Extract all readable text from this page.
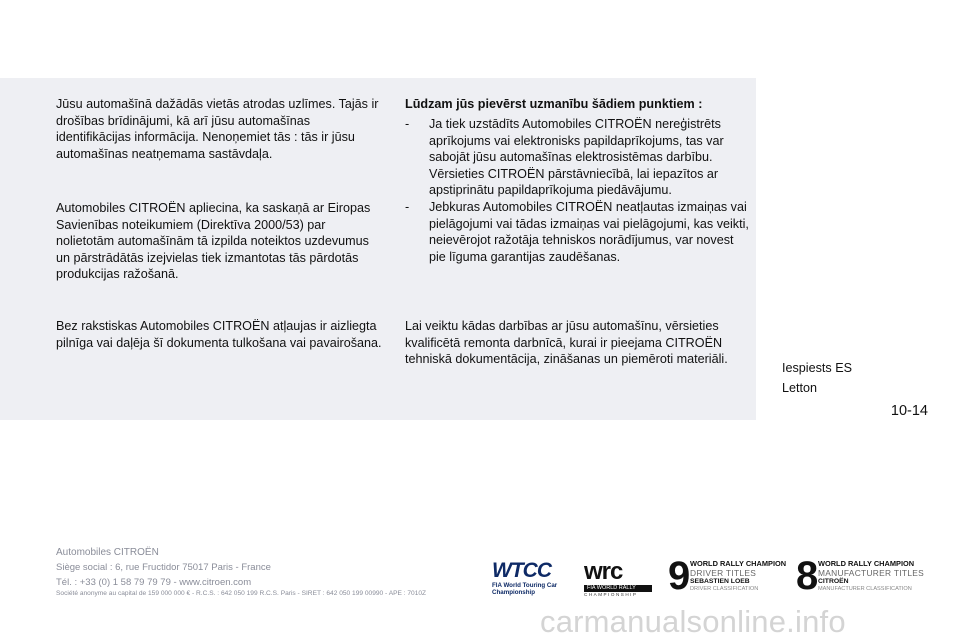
Jūsu automašīnā dažādās vietās atrodas uzlīmes. Tajās ir drošības brīdinājumi, kā arī jūsu automašīnas identifikācijas informācija. Nenoņemiet tās : tās ir jūsu automašīnas neatņemama sastāvdaļa.

Automobiles CITROËN apliecina, ka saskaņā ar Eiropas Savienības noteikumiem (Direktīva 2000/53) par nolietotām automašīnām tā izpilda noteiktos uzdevumus un pārstrādātās izejvielas tiek izmantotas tās pārdotās produkcijas ražošanā.

Bez rakstiskas Automobiles CITROËN atļaujas ir aizliegta pilnīga vai daļēja šī dokumenta tulkošana vai pavairošana.

Lūdzam jūs pievērst uzmanību šādiem punktiem :
-	Ja tiek uzstādīts Automobiles CITROËN nereģistrēts aprīkojums vai elektronisks papildaprīkojums, tas var sabojāt jūsu automašīnas elektrosistēmas darbību. Vērsieties CITROËN pārstāvniecībā, lai iepazītos ar apstiprinātu papildaprīkojuma piedāvājumu.
-	Jebkuras Automobiles CITROËN neatļautas izmaiņas vai pielāgojumi vai tādas izmaiņas vai pielāgojumi, kas veikti, neievērojot ražotāja tehniskos norādījumus, var novest pie līguma garantijas zaudēšanas.

Lai veiktu kādas darbības ar jūsu automašīnu, vērsieties kvalificētā remonta darbnīcā, kurai ir pieejama CITROËN tehniskā dokumentācija, zināšanas un piemēroti materiāli.

Iespiests ES
Letton
10-14
Automobiles CITROËN
Siège social : 6, rue Fructidor 75017 Paris - France
Tél. : +33 (0) 1 58 79 79 79 - www.citroen.com
Société anonyme au capital de 159 000 000 € - R.C.S. : 642 050 199 R.C.S. Paris - SIRET : 642 050 199 00990 - APE : 7010Z
WTCC
FIA World Touring Car
Championship
wrc
FIA WORLD RALLY
CHAMPIONSHIP 9 WORLD RALLY CHAMPION
DRIVER TITLES
SEBASTIEN LOEB
DRIVER CLASSIFICATION 8 WORLD RALLY CHAMPION
MANUFACTURER TITLES
CITROËN
MANUFACTURER CLASSIFICATION
carmanualsonline.info
